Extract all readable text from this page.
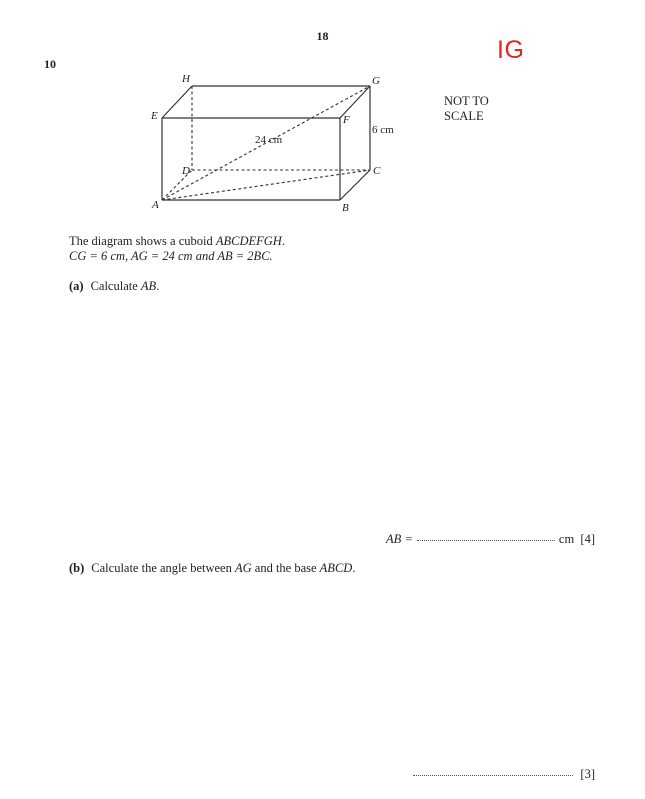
18
10	IG
H	G
E	F
D	C
A	B
24 cm
6 cm
NOT TO
SCALE
The diagram shows a cuboid ABCDEFGH.
CG = 6 cm, AG = 24 cm and AB = 2BC.
(a) Calculate AB.
AB =	cm [4]
(b) Calculate the angle between AG and the base ABCD.
[3]
